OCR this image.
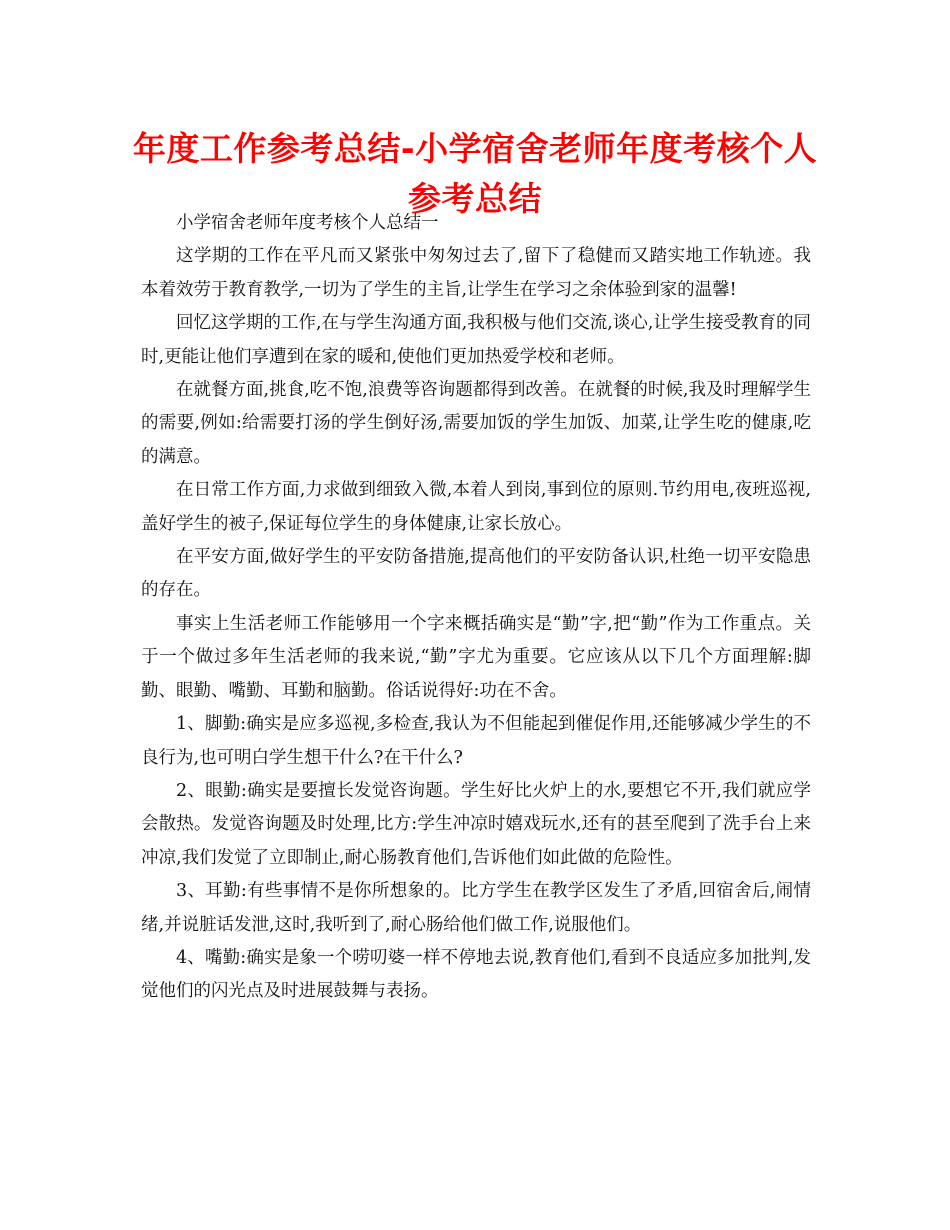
年度工作参考总结-小学宿舍老师年度考核个人参考总结

小学宿舍老师年度考核个人总结一

这学期的工作在平凡而又紧张中匆匆过去了,留下了稳健而又踏实地工作轨迹。我本着效劳于教育教学,一切为了学生的主旨,让学生在学习之余体验到家的温馨!

回忆这学期的工作,在与学生沟通方面,我积极与他们交流,谈心,让学生接受教育的同时,更能让他们享遭到在家的暖和,使他们更加热爱学校和老师。

在就餐方面,挑食,吃不饱,浪费等咨询题都得到改善。在就餐的时候,我及时理解学生的需要,例如:给需要打汤的学生倒好汤,需要加饭的学生加饭、加菜,让学生吃的健康,吃的满意。

在日常工作方面,力求做到细致入微,本着人到岗,事到位的原则.节约用电,夜班巡视,盖好学生的被子,保证每位学生的身体健康,让家长放心。

在平安方面,做好学生的平安防备措施,提高他们的平安防备认识,杜绝一切平安隐患的存在。

事实上生活老师工作能够用一个字来概括确实是“勤”字,把“勤”作为工作重点。关于一个做过多年生活老师的我来说,“勤”字尤为重要。它应该从以下几个方面理解:脚勤、眼勤、嘴勤、耳勤和脑勤。俗话说得好:功在不舍。

1、脚勤:确实是应多巡视,多检查,我认为不但能起到催促作用,还能够减少学生的不良行为,也可明白学生想干什么?在干什么?

2、眼勤:确实是要擅长发觉咨询题。学生好比火炉上的水,要想它不开,我们就应学会散热。发觉咨询题及时处理,比方:学生冲凉时嬉戏玩水,还有的甚至爬到了洗手台上来冲凉,我们发觉了立即制止,耐心肠教育他们,告诉他们如此做的危险性。

3、耳勤:有些事情不是你所想象的。比方学生在教学区发生了矛盾,回宿舍后,闹情绪,并说脏话发泄,这时,我听到了,耐心肠给他们做工作,说服他们。

4、嘴勤:确实是象一个唠叨婆一样不停地去说,教育他们,看到不良适应多加批判,发觉他们的闪光点及时进展鼓舞与表扬。
